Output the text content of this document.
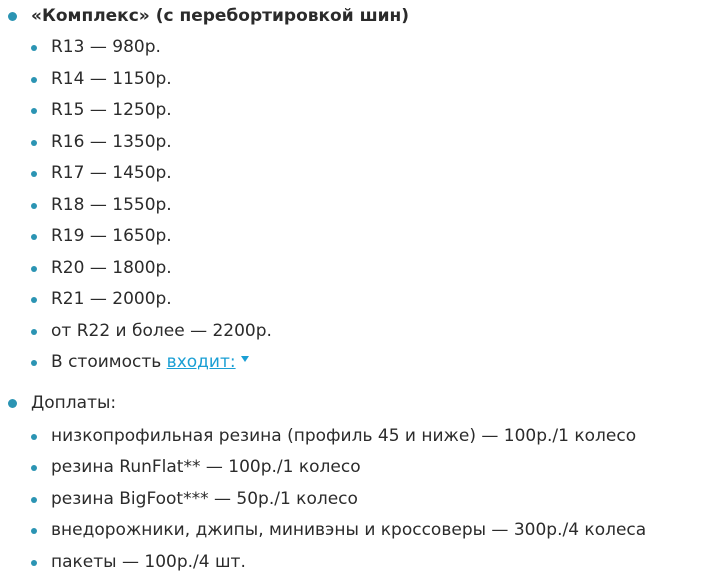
«Комплекс» (с перебортировкой шин)
R13 — 980р.
R14 — 1150р.
R15 — 1250р.
R16 — 1350р.
R17 — 1450р.
R18 — 1550р.
R19 — 1650р.
R20 — 1800р.
R21 — 2000р.
от R22 и более — 2200р.
В стоимость входит:
Доплаты:
низкопрофильная резина (профиль 45 и ниже) — 100р./1 колесо
резина RunFlat** — 100р./1 колесо
резина BigFoot*** — 50р./1 колесо
внедорожники, джипы, минивэны и кроссоверы — 300р./4 колеса
пакеты — 100р./4 шт.
